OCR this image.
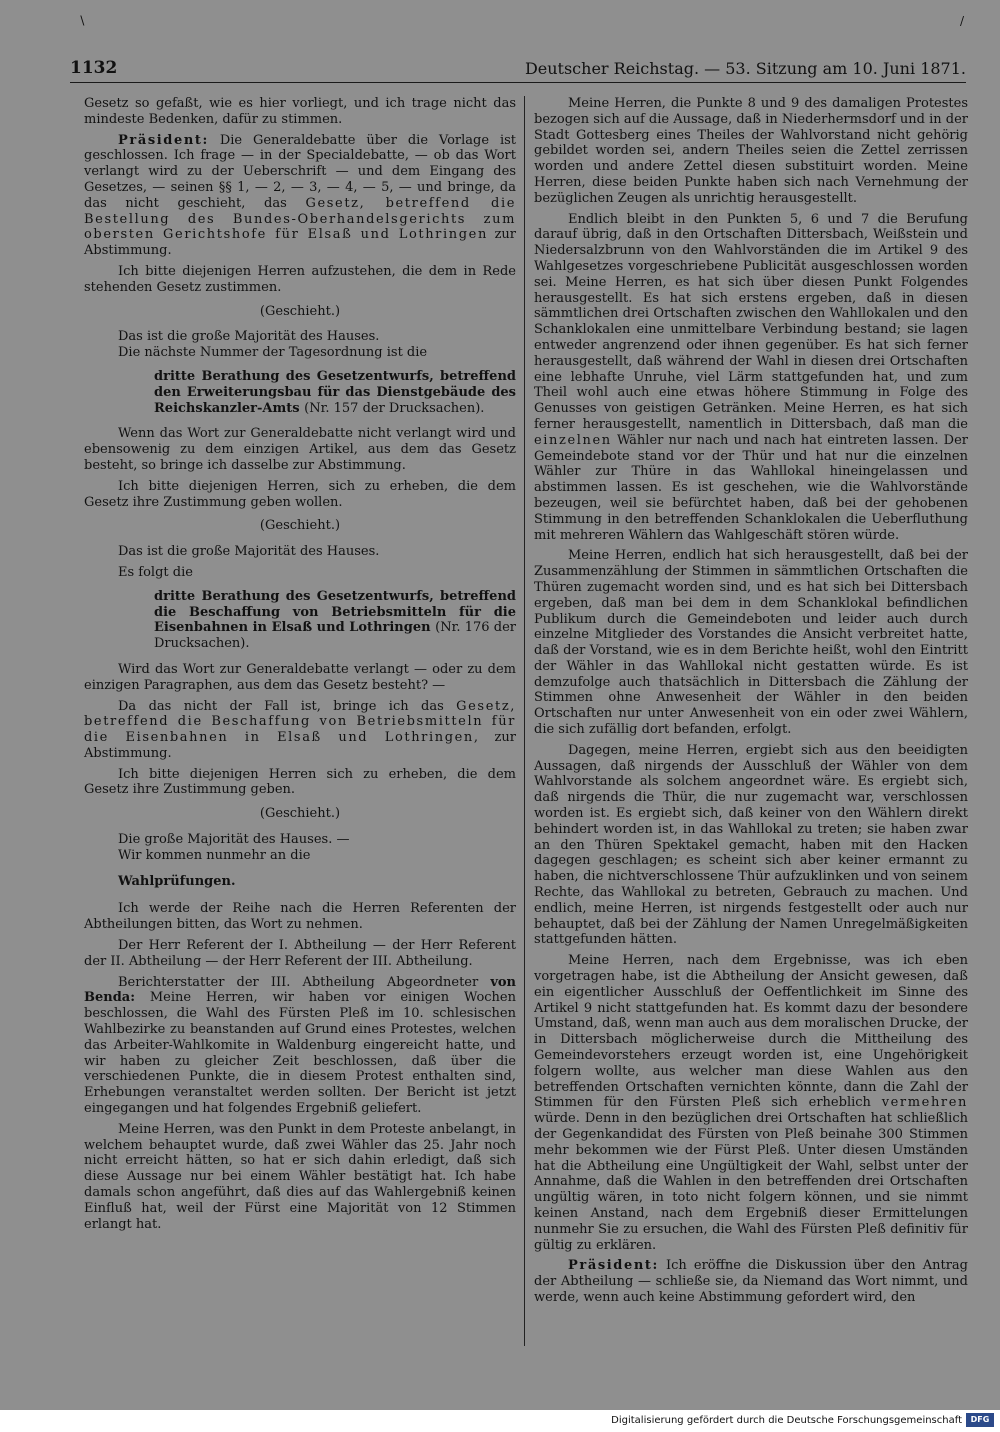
∖	/
1132	Deutscher Reichstag. — 53. Sitzung am 10. Juni 1871.

Gesetz so gefaßt, wie es hier vorliegt, und ich trage nicht das mindeste Bedenken, dafür zu stimmen.

Präsident: Die Generaldebatte über die Vorlage ist geschlossen. Ich frage — in der Specialdebatte, — ob das Wort verlangt wird zu der Ueberschrift — und dem Eingang des Gesetzes, — seinen §§ 1, — 2, — 3, — 4, — 5, — und bringe, da das nicht geschieht, das Gesetz, betreffend die Bestellung des Bundes-Oberhandelsgerichts zum obersten Gerichtshofe für Elsaß und Lothringen zur Abstimmung.

Ich bitte diejenigen Herren aufzustehen, die dem in Rede stehenden Gesetz zustimmen.

(Geschieht.)

Das ist die große Majorität des Hauses.

Die nächste Nummer der Tagesordnung ist die

dritte Berathung des Gesetzentwurfs, betreffend den Erweiterungsbau für das Dienstgebäude des Reichskanzler-Amts (Nr. 157 der Drucksachen).

Wenn das Wort zur Generaldebatte nicht verlangt wird und ebensowenig zu dem einzigen Artikel, aus dem das Gesetz besteht, so bringe ich dasselbe zur Abstimmung.

Ich bitte diejenigen Herren, sich zu erheben, die dem Gesetz ihre Zustimmung geben wollen.

(Geschieht.)

Das ist die große Majorität des Hauses.

Es folgt die

dritte Berathung des Gesetzentwurfs, betreffend die Beschaffung von Betriebsmitteln für die Eisenbahnen in Elsaß und Lothringen (Nr. 176 der Drucksachen).

Wird das Wort zur Generaldebatte verlangt — oder zu dem einzigen Paragraphen, aus dem das Gesetz besteht? —

Da das nicht der Fall ist, bringe ich das Gesetz, betreffend die Beschaffung von Betriebsmitteln für die Eisenbahnen in Elsaß und Lothringen, zur Abstimmung.

Ich bitte diejenigen Herren sich zu erheben, die dem Gesetz ihre Zustimmung geben.

(Geschieht.)

Die große Majorität des Hauses. —

Wir kommen nunmehr an die

Wahlprüfungen.

Ich werde der Reihe nach die Herren Referenten der Abtheilungen bitten, das Wort zu nehmen.

Der Herr Referent der I. Abtheilung — der Herr Referent der II. Abtheilung — der Herr Referent der III. Abtheilung.

Berichterstatter der III. Abtheilung Abgeordneter von Benda: Meine Herren, wir haben vor einigen Wochen beschlossen, die Wahl des Fürsten Pleß im 10. schlesischen Wahlbezirke zu beanstanden auf Grund eines Protestes, welchen das Arbeiter-Wahlkomite in Waldenburg eingereicht hatte, und wir haben zu gleicher Zeit beschlossen, daß über die verschiedenen Punkte, die in diesem Protest enthalten sind, Erhebungen veranstaltet werden sollten. Der Bericht ist jetzt eingegangen und hat folgendes Ergebniß geliefert.

Meine Herren, was den Punkt in dem Proteste anbelangt, in welchem behauptet wurde, daß zwei Wähler das 25. Jahr noch nicht erreicht hätten, so hat er sich dahin erledigt, daß sich diese Aussage nur bei einem Wähler bestätigt hat. Ich habe damals schon angeführt, daß dies auf das Wahlergebniß keinen Einfluß hat, weil der Fürst eine Majorität von 12 Stimmen erlangt hat.

Meine Herren, die Punkte 8 und 9 des damaligen Protestes bezogen sich auf die Aussage, daß in Niederhermsdorf und in der Stadt Gottesberg eines Theiles der Wahlvorstand nicht gehörig gebildet worden sei, andern Theiles seien die Zettel zerrissen worden und andere Zettel diesen substituirt worden. Meine Herren, diese beiden Punkte haben sich nach Vernehmung der bezüglichen Zeugen als unrichtig herausgestellt.

Endlich bleibt in den Punkten 5, 6 und 7 die Berufung darauf übrig, daß in den Ortschaften Dittersbach, Weißstein und Niedersalzbrunn von den Wahlvorständen die im Artikel 9 des Wahlgesetzes vorgeschriebene Publicität ausgeschlossen worden sei. Meine Herren, es hat sich über diesen Punkt Folgendes herausgestellt. Es hat sich erstens ergeben, daß in diesen sämmtlichen drei Ortschaften zwischen den Wahllokalen und den Schanklokalen eine unmittelbare Verbindung bestand; sie lagen entweder angrenzend oder ihnen gegenüber. Es hat sich ferner herausgestellt, daß während der Wahl in diesen drei Ortschaften eine lebhafte Unruhe, viel Lärm stattgefunden hat, und zum Theil wohl auch eine etwas höhere Stimmung in Folge des Genusses von geistigen Getränken. Meine Herren, es hat sich ferner herausgestellt, namentlich in Dittersbach, daß man die einzelnen Wähler nur nach und nach hat eintreten lassen. Der Gemeindebote stand vor der Thür und hat nur die einzelnen Wähler zur Thüre in das Wahllokal hineingelassen und abstimmen lassen. Es ist geschehen, wie die Wahlvorstände bezeugen, weil sie befürchtet haben, daß bei der gehobenen Stimmung in den betreffenden Schanklokalen die Ueberfluthung mit mehreren Wählern das Wahlgeschäft stören würde.

Meine Herren, endlich hat sich herausgestellt, daß bei der Zusammenzählung der Stimmen in sämmtlichen Ortschaften die Thüren zugemacht worden sind, und es hat sich bei Dittersbach ergeben, daß man bei dem in dem Schanklokal befindlichen Publikum durch die Gemeindeboten und leider auch durch einzelne Mitglieder des Vorstandes die Ansicht verbreitet hatte, daß der Vorstand, wie es in dem Berichte heißt, wohl den Eintritt der Wähler in das Wahllokal nicht gestatten würde. Es ist demzufolge auch thatsächlich in Dittersbach die Zählung der Stimmen ohne Anwesenheit der Wähler in den beiden Ortschaften nur unter Anwesenheit von ein oder zwei Wählern, die sich zufällig dort befanden, erfolgt.

Dagegen, meine Herren, ergiebt sich aus den beeidigten Aussagen, daß nirgends der Ausschluß der Wähler von dem Wahlvorstande als solchem angeordnet wäre. Es ergiebt sich, daß nirgends die Thür, die nur zugemacht war, verschlossen worden ist. Es ergiebt sich, daß keiner von den Wählern direkt behindert worden ist, in das Wahllokal zu treten; sie haben zwar an den Thüren Spektakel gemacht, haben mit den Hacken dagegen geschlagen; es scheint sich aber keiner ermannt zu haben, die nichtverschlossene Thür aufzuklinken und von seinem Rechte, das Wahllokal zu betreten, Gebrauch zu machen. Und endlich, meine Herren, ist nirgends festgestellt oder auch nur behauptet, daß bei der Zählung der Namen Unregelmäßigkeiten stattgefunden hätten.

Meine Herren, nach dem Ergebnisse, was ich eben vorgetragen habe, ist die Abtheilung der Ansicht gewesen, daß ein eigentlicher Ausschluß der Oeffentlichkeit im Sinne des Artikel 9 nicht stattgefunden hat. Es kommt dazu der besondere Umstand, daß, wenn man auch aus dem moralischen Drucke, der in Dittersbach möglicherweise durch die Mittheilung des Gemeindevorstehers erzeugt worden ist, eine Ungehörigkeit folgern wollte, aus welcher man diese Wahlen aus den betreffenden Ortschaften vernichten könnte, dann die Zahl der Stimmen für den Fürsten Pleß sich erheblich vermehren würde. Denn in den bezüglichen drei Ortschaften hat schließlich der Gegenkandidat des Fürsten von Pleß beinahe 300 Stimmen mehr bekommen wie der Fürst Pleß. Unter diesen Umständen hat die Abtheilung eine Ungültigkeit der Wahl, selbst unter der Annahme, daß die Wahlen in den betreffenden drei Ortschaften ungültig wären, in toto nicht folgern können, und sie nimmt keinen Anstand, nach dem Ergebniß dieser Ermittelungen nunmehr Sie zu ersuchen, die Wahl des Fürsten Pleß definitiv für gültig zu erklären.

Präsident: Ich eröffne die Diskussion über den Antrag der Abtheilung — schließe sie, da Niemand das Wort nimmt, und werde, wenn auch keine Abstimmung gefordert wird, den

Digitalisierung gefördert durch die Deutsche Forschungsgemeinschaft	DFG
